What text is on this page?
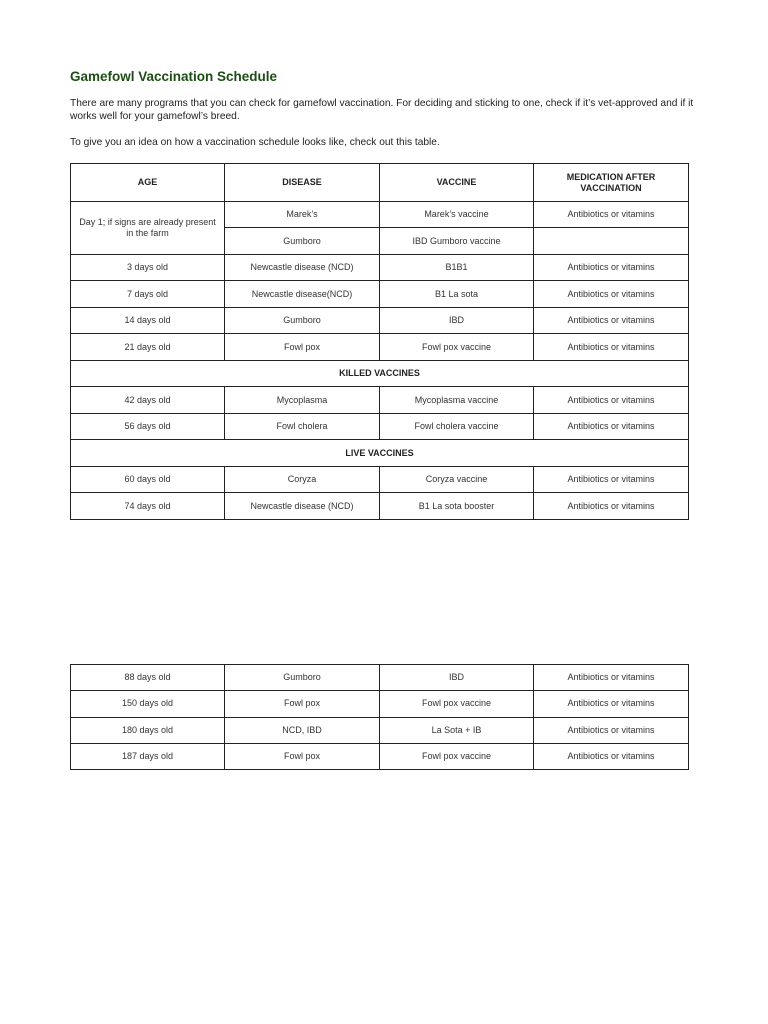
Gamefowl Vaccination Schedule

There are many programs that you can check for gamefowl vaccination. For deciding and sticking to one, check if it’s vet-approved and if it works well for your gamefowl’s breed.

To give you an idea on how a vaccination schedule looks like, check out this table.

AGE	DISEASE	VACCINE	MEDICATION AFTER VACCINATION
Day 1; if signs are already present in the farm	Marek’s	Marek’s vaccine	Antibiotics or vitamins
	Gumboro	IBD Gumboro vaccine	
3 days old	Newcastle disease (NCD)	B1B1	Antibiotics or vitamins
7 days old	Newcastle disease(NCD)	B1 La sota	Antibiotics or vitamins
14 days old	Gumboro	IBD	Antibiotics or vitamins
21 days old	Fowl pox	Fowl pox vaccine	Antibiotics or vitamins
KILLED VACCINES			
42 days old	Mycoplasma	Mycoplasma vaccine	Antibiotics or vitamins
56 days old	Fowl cholera	Fowl cholera vaccine	Antibiotics or vitamins
LIVE VACCINES			
60 days old	Coryza	Coryza vaccine	Antibiotics or vitamins
74 days old	Newcastle disease (NCD)	B1 La sota booster	Antibiotics or vitamins
88 days old	Gumboro	IBD	Antibiotics or vitamins
150 days old	Fowl pox	Fowl pox vaccine	Antibiotics or vitamins
180 days old	NCD, IBD	La Sota + IB	Antibiotics or vitamins
187 days old	Fowl pox	Fowl pox vaccine	Antibiotics or vitamins
